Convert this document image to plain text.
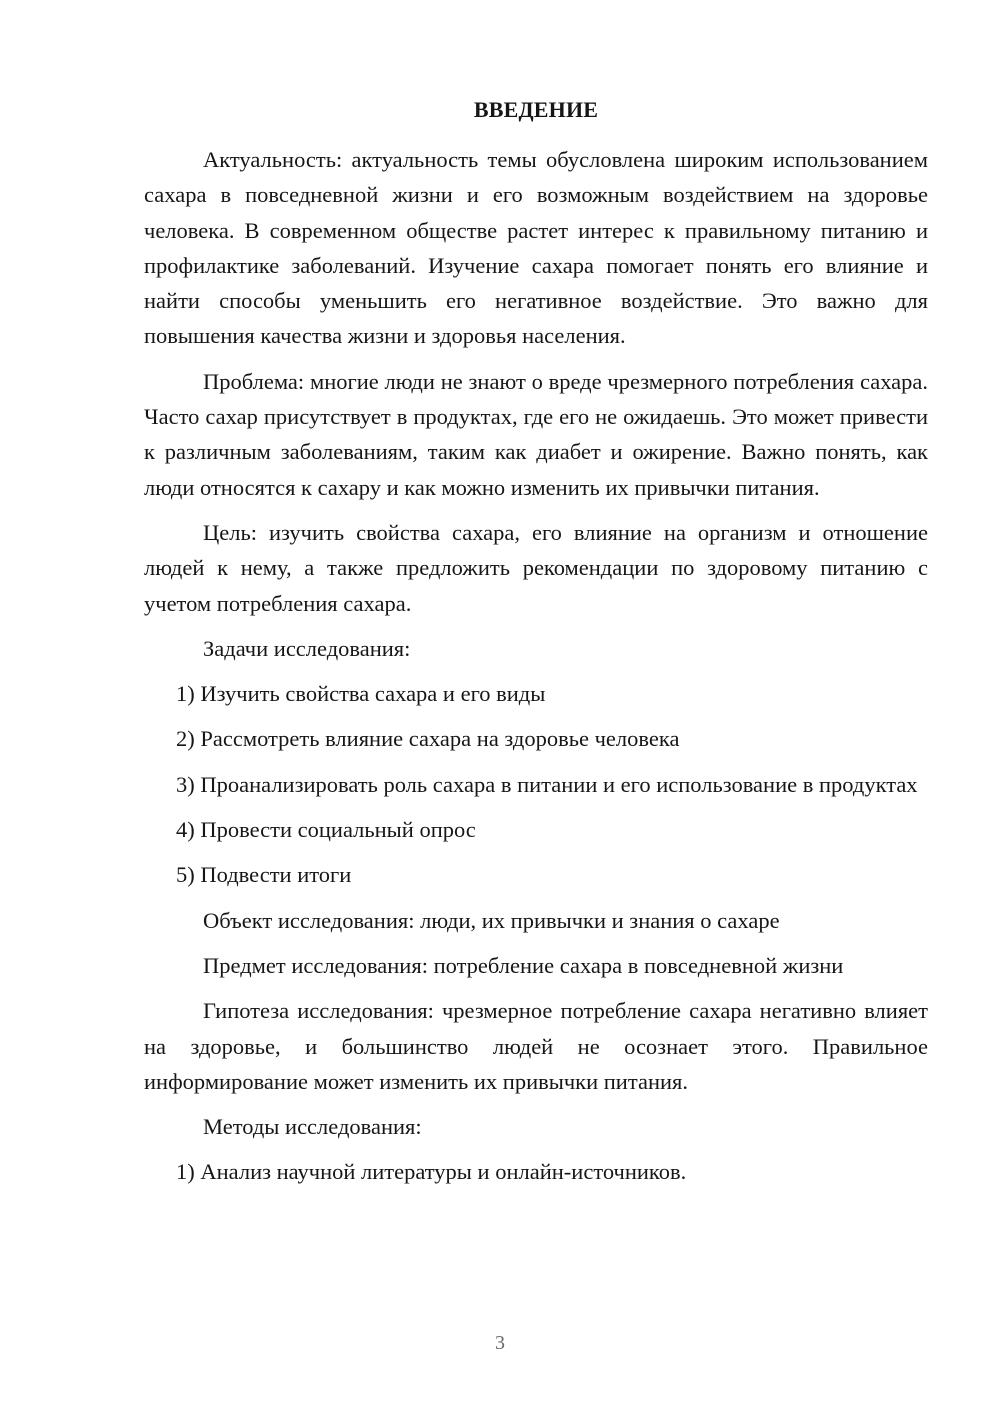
ВВЕДЕНИЕ

Актуальность: актуальность темы обусловлена широким использованием сахара в повседневной жизни и его возможным воздействием на здоровье человека. В современном обществе растет интерес к правильному питанию и профилактике заболеваний. Изучение сахара помогает понять его влияние и найти способы уменьшить его негативное воздействие. Это важно для повышения качества жизни и здоровья населения.

Проблема: многие люди не знают о вреде чрезмерного потребления сахара. Часто сахар присутствует в продуктах, где его не ожидаешь. Это может привести к различным заболеваниям, таким как диабет и ожирение. Важно понять, как люди относятся к сахару и как можно изменить их привычки питания.

Цель: изучить свойства сахара, его влияние на организм и отношение людей к нему, а также предложить рекомендации по здоровому питанию с учетом потребления сахара.

Задачи исследования:
1) Изучить свойства сахара и его виды
2) Рассмотреть влияние сахара на здоровье человека

3) Проанализировать роль сахара в питании и его использование в продуктах

4) Провести социальный опрос
5) Подвести итоги
Объект исследования: люди, их привычки и знания о сахаре
Предмет исследования: потребление сахара в повседневной жизни

Гипотеза исследования: чрезмерное потребление сахара негативно влияет на здоровье, и большинство людей не осознает этого. Правильное информирование может изменить их привычки питания.

Методы исследования:
1) Анализ научной литературы и онлайн-источников.
3
